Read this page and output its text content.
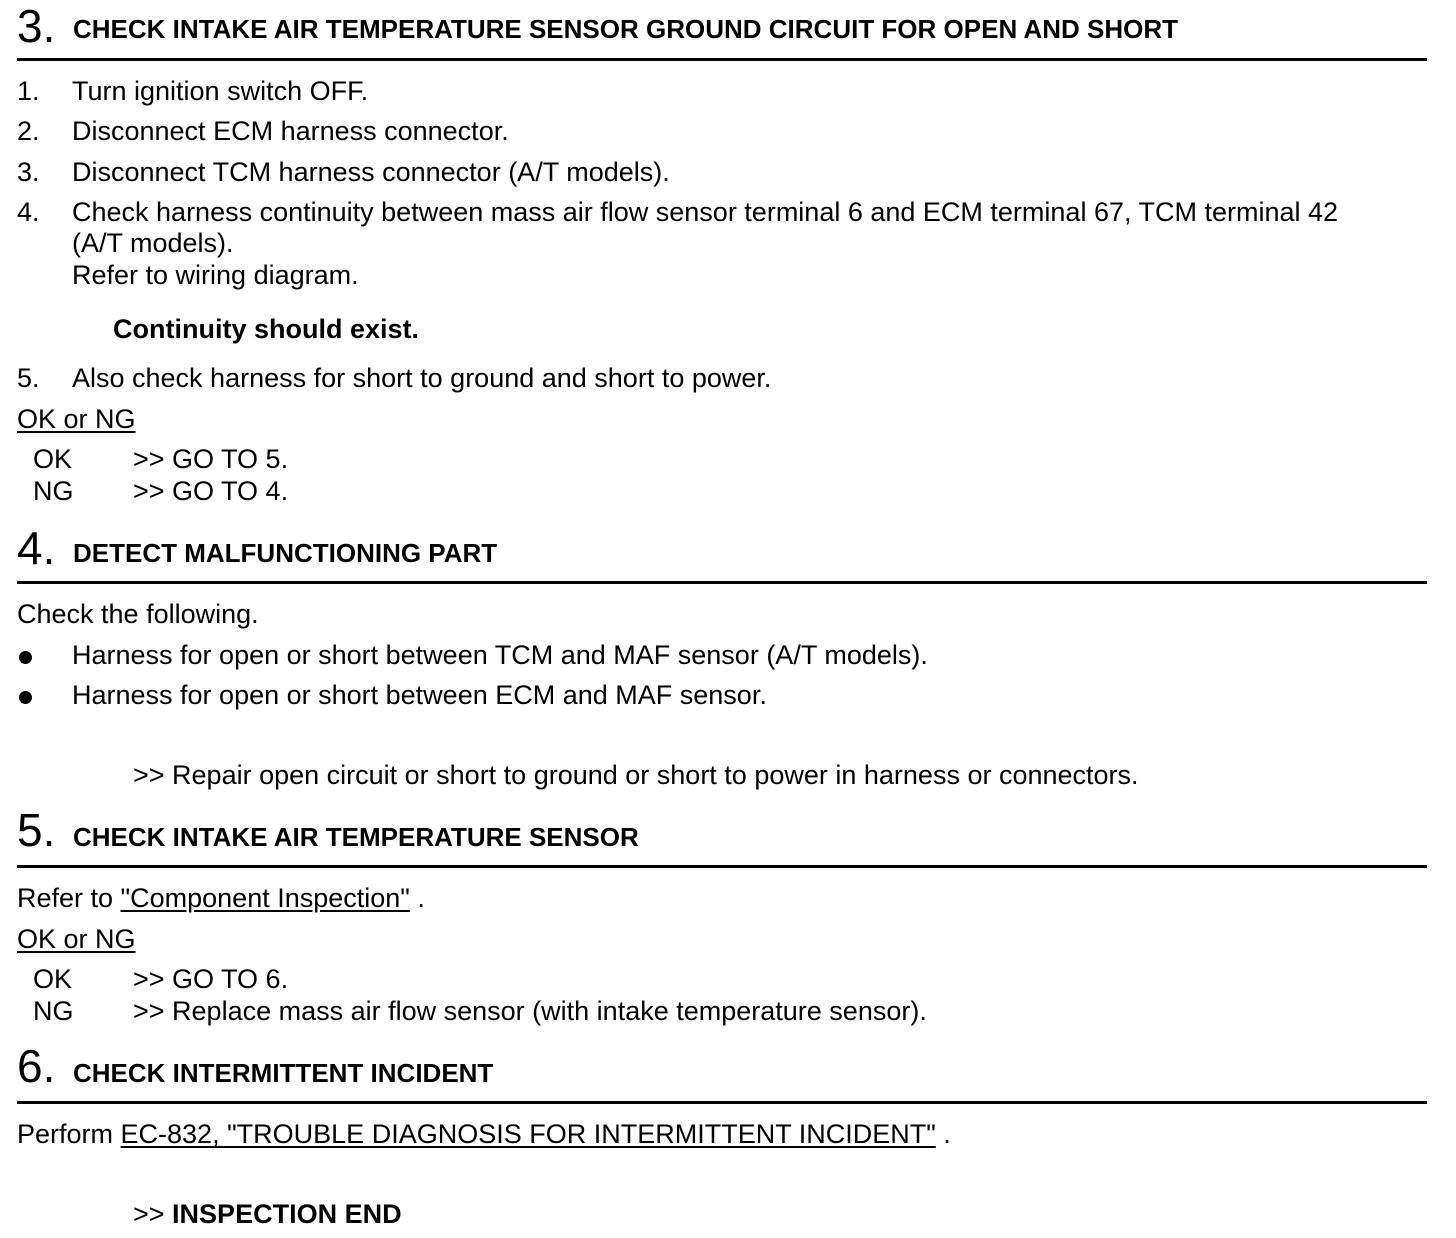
3. CHECK INTAKE AIR TEMPERATURE SENSOR GROUND CIRCUIT FOR OPEN AND SHORT
1. Turn ignition switch OFF.
2. Disconnect ECM harness connector.
3. Disconnect TCM harness connector (A/T models).
4. Check harness continuity between mass air flow sensor terminal 6 and ECM terminal 67, TCM terminal 42
(A/T models).
Refer to wiring diagram.
Continuity should exist.
5. Also check harness for short to ground and short to power.
OK or NG
OK >> GO TO 5.
NG >> GO TO 4.
4. DETECT MALFUNCTIONING PART
Check the following.
Harness for open or short between TCM and MAF sensor (A/T models).
Harness for open or short between ECM and MAF sensor.
>> Repair open circuit or short to ground or short to power in harness or connectors.
5. CHECK INTAKE AIR TEMPERATURE SENSOR
Refer to "Component Inspection" .
OK or NG
OK >> GO TO 6.
NG >> Replace mass air flow sensor (with intake temperature sensor).
6. CHECK INTERMITTENT INCIDENT
Perform EC-832, "TROUBLE DIAGNOSIS FOR INTERMITTENT INCIDENT" .
>> INSPECTION END
